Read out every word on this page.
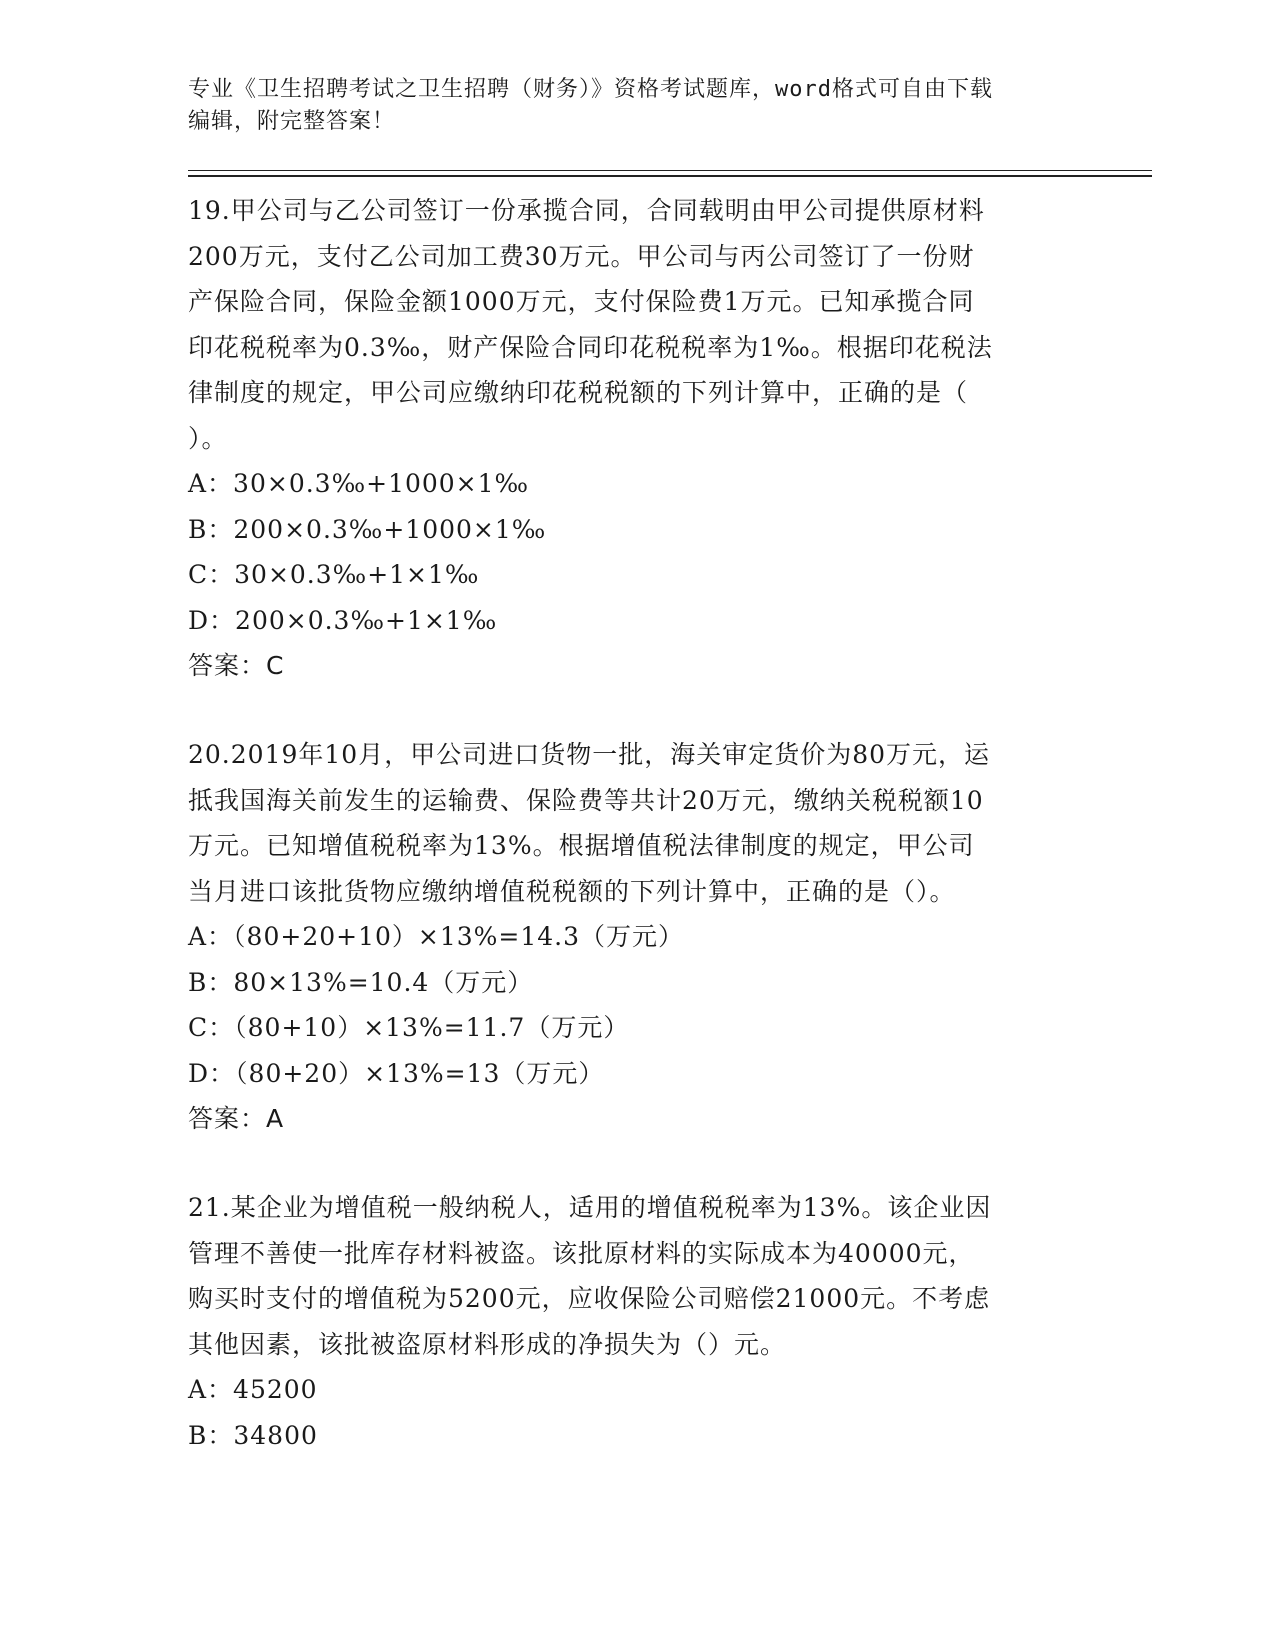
专业《卫生招聘考试之卫生招聘（财务）》资格考试题库，word格式可自由下载
编辑，附完整答案！
19.甲公司与乙公司签订一份承揽合同，合同载明由甲公司提供原材料
200万元，支付乙公司加工费30万元。甲公司与丙公司签订了一份财
产保险合同，保险金额1000万元，支付保险费1万元。已知承揽合同
印花税税率为0.3‰，财产保险合同印花税税率为1‰。根据印花税法
律制度的规定，甲公司应缴纳印花税税额的下列计算中，正确的是（
）。
A：30×0.3‰+1000×1‰
B：200×0.3‰+1000×1‰
C：30×0.3‰+1×1‰
D：200×0.3‰+1×1‰
答案：C
20.2019年10月，甲公司进口货物一批，海关审定货价为80万元，运
抵我国海关前发生的运输费、保险费等共计20万元，缴纳关税税额10
万元。已知增值税税率为13%。根据增值税法律制度的规定，甲公司
当月进口该批货物应缴纳增值税税额的下列计算中，正确的是（）。
A：（80+20+10）×13%=14.3（万元）
B：80×13%=10.4（万元）
C：（80+10）×13%=11.7（万元）
D：（80+20）×13%=13（万元）
答案：A
21.某企业为增值税一般纳税人，适用的增值税税率为13%。该企业因
管理不善使一批库存材料被盗。该批原材料的实际成本为40000元，
购买时支付的增值税为5200元，应收保险公司赔偿21000元。不考虑
其他因素，该批被盗原材料形成的净损失为（）元。
A：45200
B：34800
